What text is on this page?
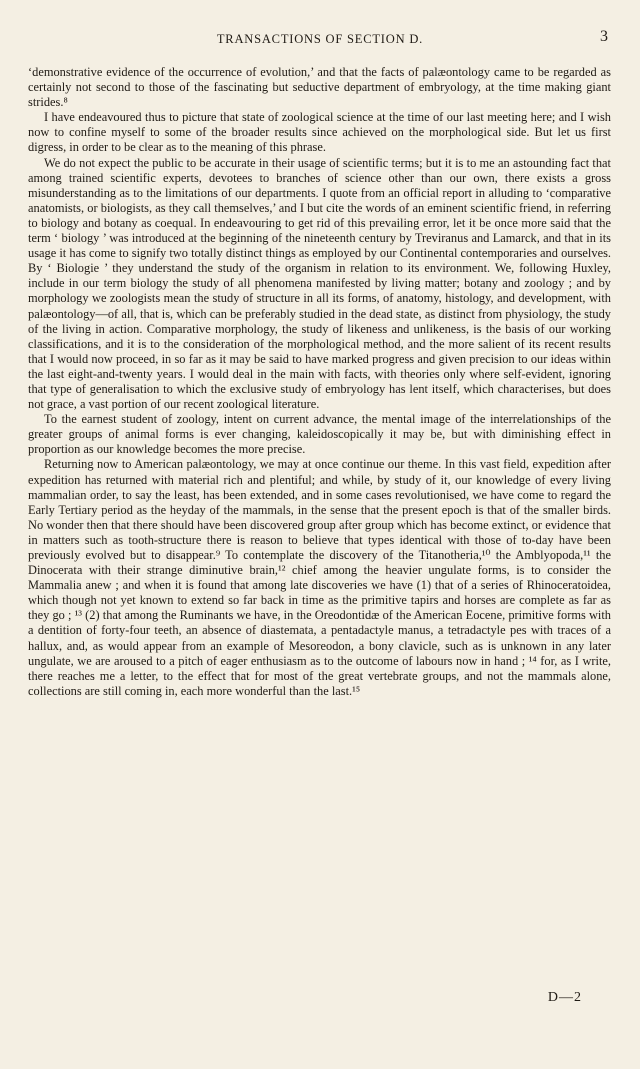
TRANSACTIONS OF SECTION D.	3

‘demonstrative evidence of the occurrence of evolution,’ and that the facts of palæontology came to be regarded as certainly not second to those of the fascinating but seductive department of embryology, at the time making giant strides.⁸

I have endeavoured thus to picture that state of zoological science at the time of our last meeting here; and I wish now to confine myself to some of the broader results since achieved on the morphological side. But let us first digress, in order to be clear as to the meaning of this phrase.

We do not expect the public to be accurate in their usage of scientific terms; but it is to me an astounding fact that among trained scientific experts, devotees to branches of science other than our own, there exists a gross misunderstanding as to the limitations of our departments. I quote from an official report in alluding to ‘comparative anatomists, or biologists, as they call themselves,’ and I but cite the words of an eminent scientific friend, in referring to biology and botany as coequal. In endeavouring to get rid of this prevailing error, let it be once more said that the term ‘ biology ’ was introduced at the beginning of the nineteenth century by Treviranus and Lamarck, and that in its usage it has come to signify two totally distinct things as employed by our Continental contemporaries and ourselves. By ‘ Biologie ’ they understand the study of the organism in relation to its environment. We, following Huxley, include in our term biology the study of all phenomena manifested by living matter; botany and zoology ; and by morphology we zoologists mean the study of structure in all its forms, of anatomy, histology, and development, with palæontology—of all, that is, which can be preferably studied in the dead state, as distinct from physiology, the study of the living in action. Comparative morphology, the study of likeness and unlikeness, is the basis of our working classifications, and it is to the consideration of the morphological method, and the more salient of its recent results that I would now proceed, in so far as it may be said to have marked progress and given precision to our ideas within the last eight-and-twenty years. I would deal in the main with facts, with theories only where self-evident, ignoring that type of generalisation to which the exclusive study of embryology has lent itself, which characterises, but does not grace, a vast portion of our recent zoological literature.

To the earnest student of zoology, intent on current advance, the mental image of the interrelationships of the greater groups of animal forms is ever changing, kaleidoscopically it may be, but with diminishing effect in proportion as our knowledge becomes the more precise.

Returning now to American palæontology, we may at once continue our theme. In this vast field, expedition after expedition has returned with material rich and plentiful; and while, by study of it, our knowledge of every living mammalian order, to say the least, has been extended, and in some cases revolutionised, we have come to regard the Early Tertiary period as the heyday of the mammals, in the sense that the present epoch is that of the smaller birds. No wonder then that there should have been discovered group after group which has become extinct, or evidence that in matters such as tooth-structure there is reason to believe that types identical with those of to-day have been previously evolved but to disappear.⁹ To contemplate the discovery of the Titanotheria,¹⁰ the Amblyopoda,¹¹ the Dinocerata with their strange diminutive brain,¹² chief among the heavier ungulate forms, is to consider the Mammalia anew ; and when it is found that among late discoveries we have (1) that of a series of Rhinoceratoidea, which though not yet known to extend so far back in time as the primitive tapirs and horses are complete as far as they go ; ¹³ (2) that among the Ruminants we have, in the Oreodontidæ of the American Eocene, primitive forms with a dentition of forty-four teeth, an absence of diastemata, a pentadactyle manus, a tetradactyle pes with traces of a hallux, and, as would appear from an example of Mesoreodon, a bony clavicle, such as is unknown in any later ungulate, we are aroused to a pitch of eager enthusiasm as to the outcome of labours now in hand ; ¹⁴ for, as I write, there reaches me a letter, to the effect that for most of the great vertebrate groups, and not the mammals alone, collections are still coming in, each more wonderful than the last.¹⁵

D—2
